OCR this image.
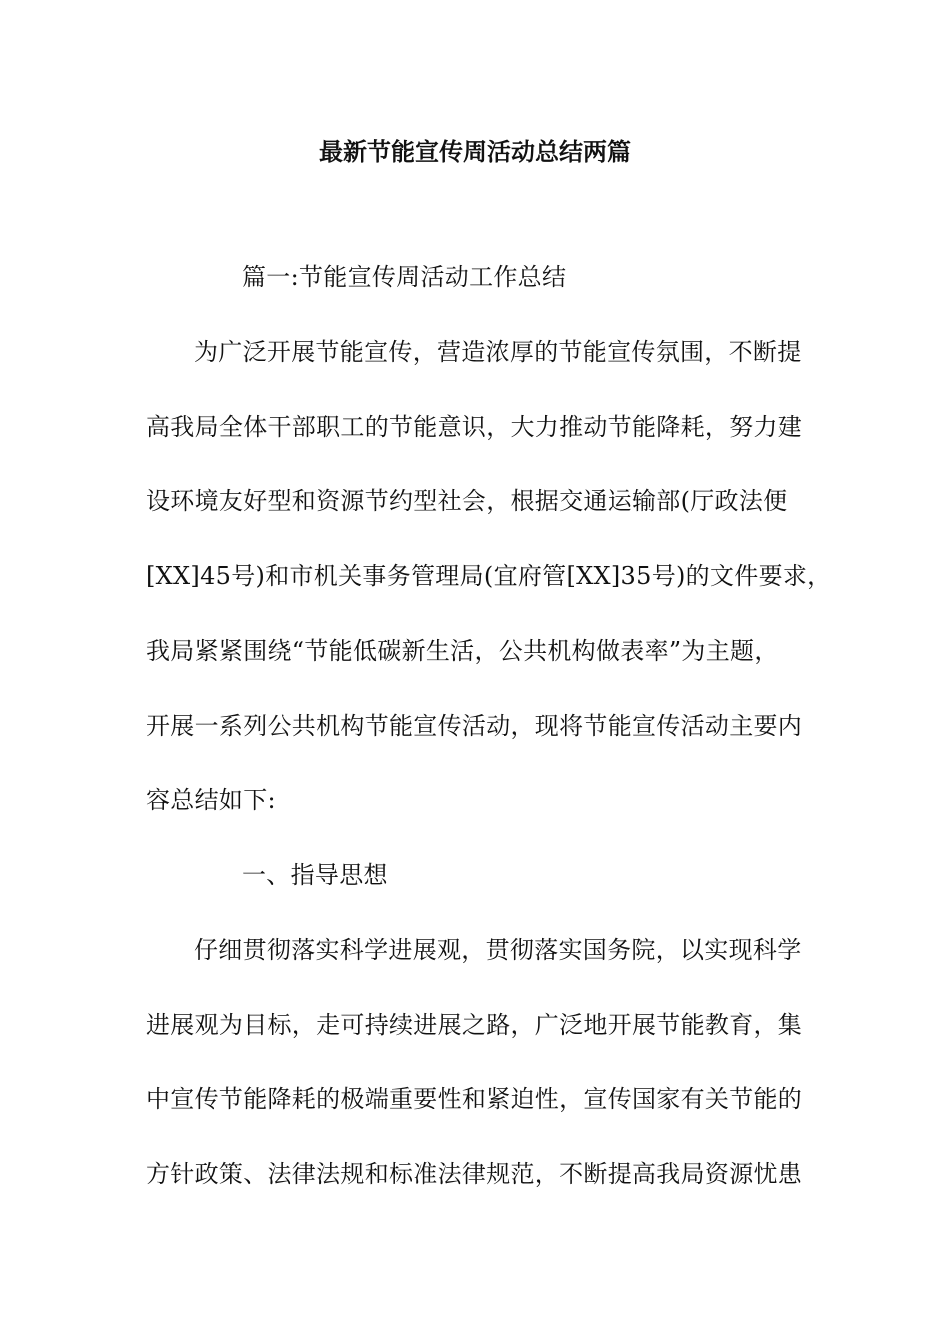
最新节能宣传周活动总结两篇
篇一:节能宣传周活动工作总结
为广泛开展节能宣传，营造浓厚的节能宣传氛围，不断提
高我局全体干部职工的节能意识，大力推动节能降耗，努力建
设环境友好型和资源节约型社会，根据交通运输部(厅政法便
[XX]45号)和市机关事务管理局(宜府管[XX]35号)的文件要求，
我局紧紧围绕“节能低碳新生活，公共机构做表率”为主题，
开展一系列公共机构节能宣传活动，现将节能宣传活动主要内
容总结如下:
一、指导思想
仔细贯彻落实科学进展观，贯彻落实国务院，以实现科学
进展观为目标，走可持续进展之路，广泛地开展节能教育，集
中宣传节能降耗的极端重要性和紧迫性，宣传国家有关节能的
方针政策、法律法规和标准法律规范，不断提高我局资源忧患
